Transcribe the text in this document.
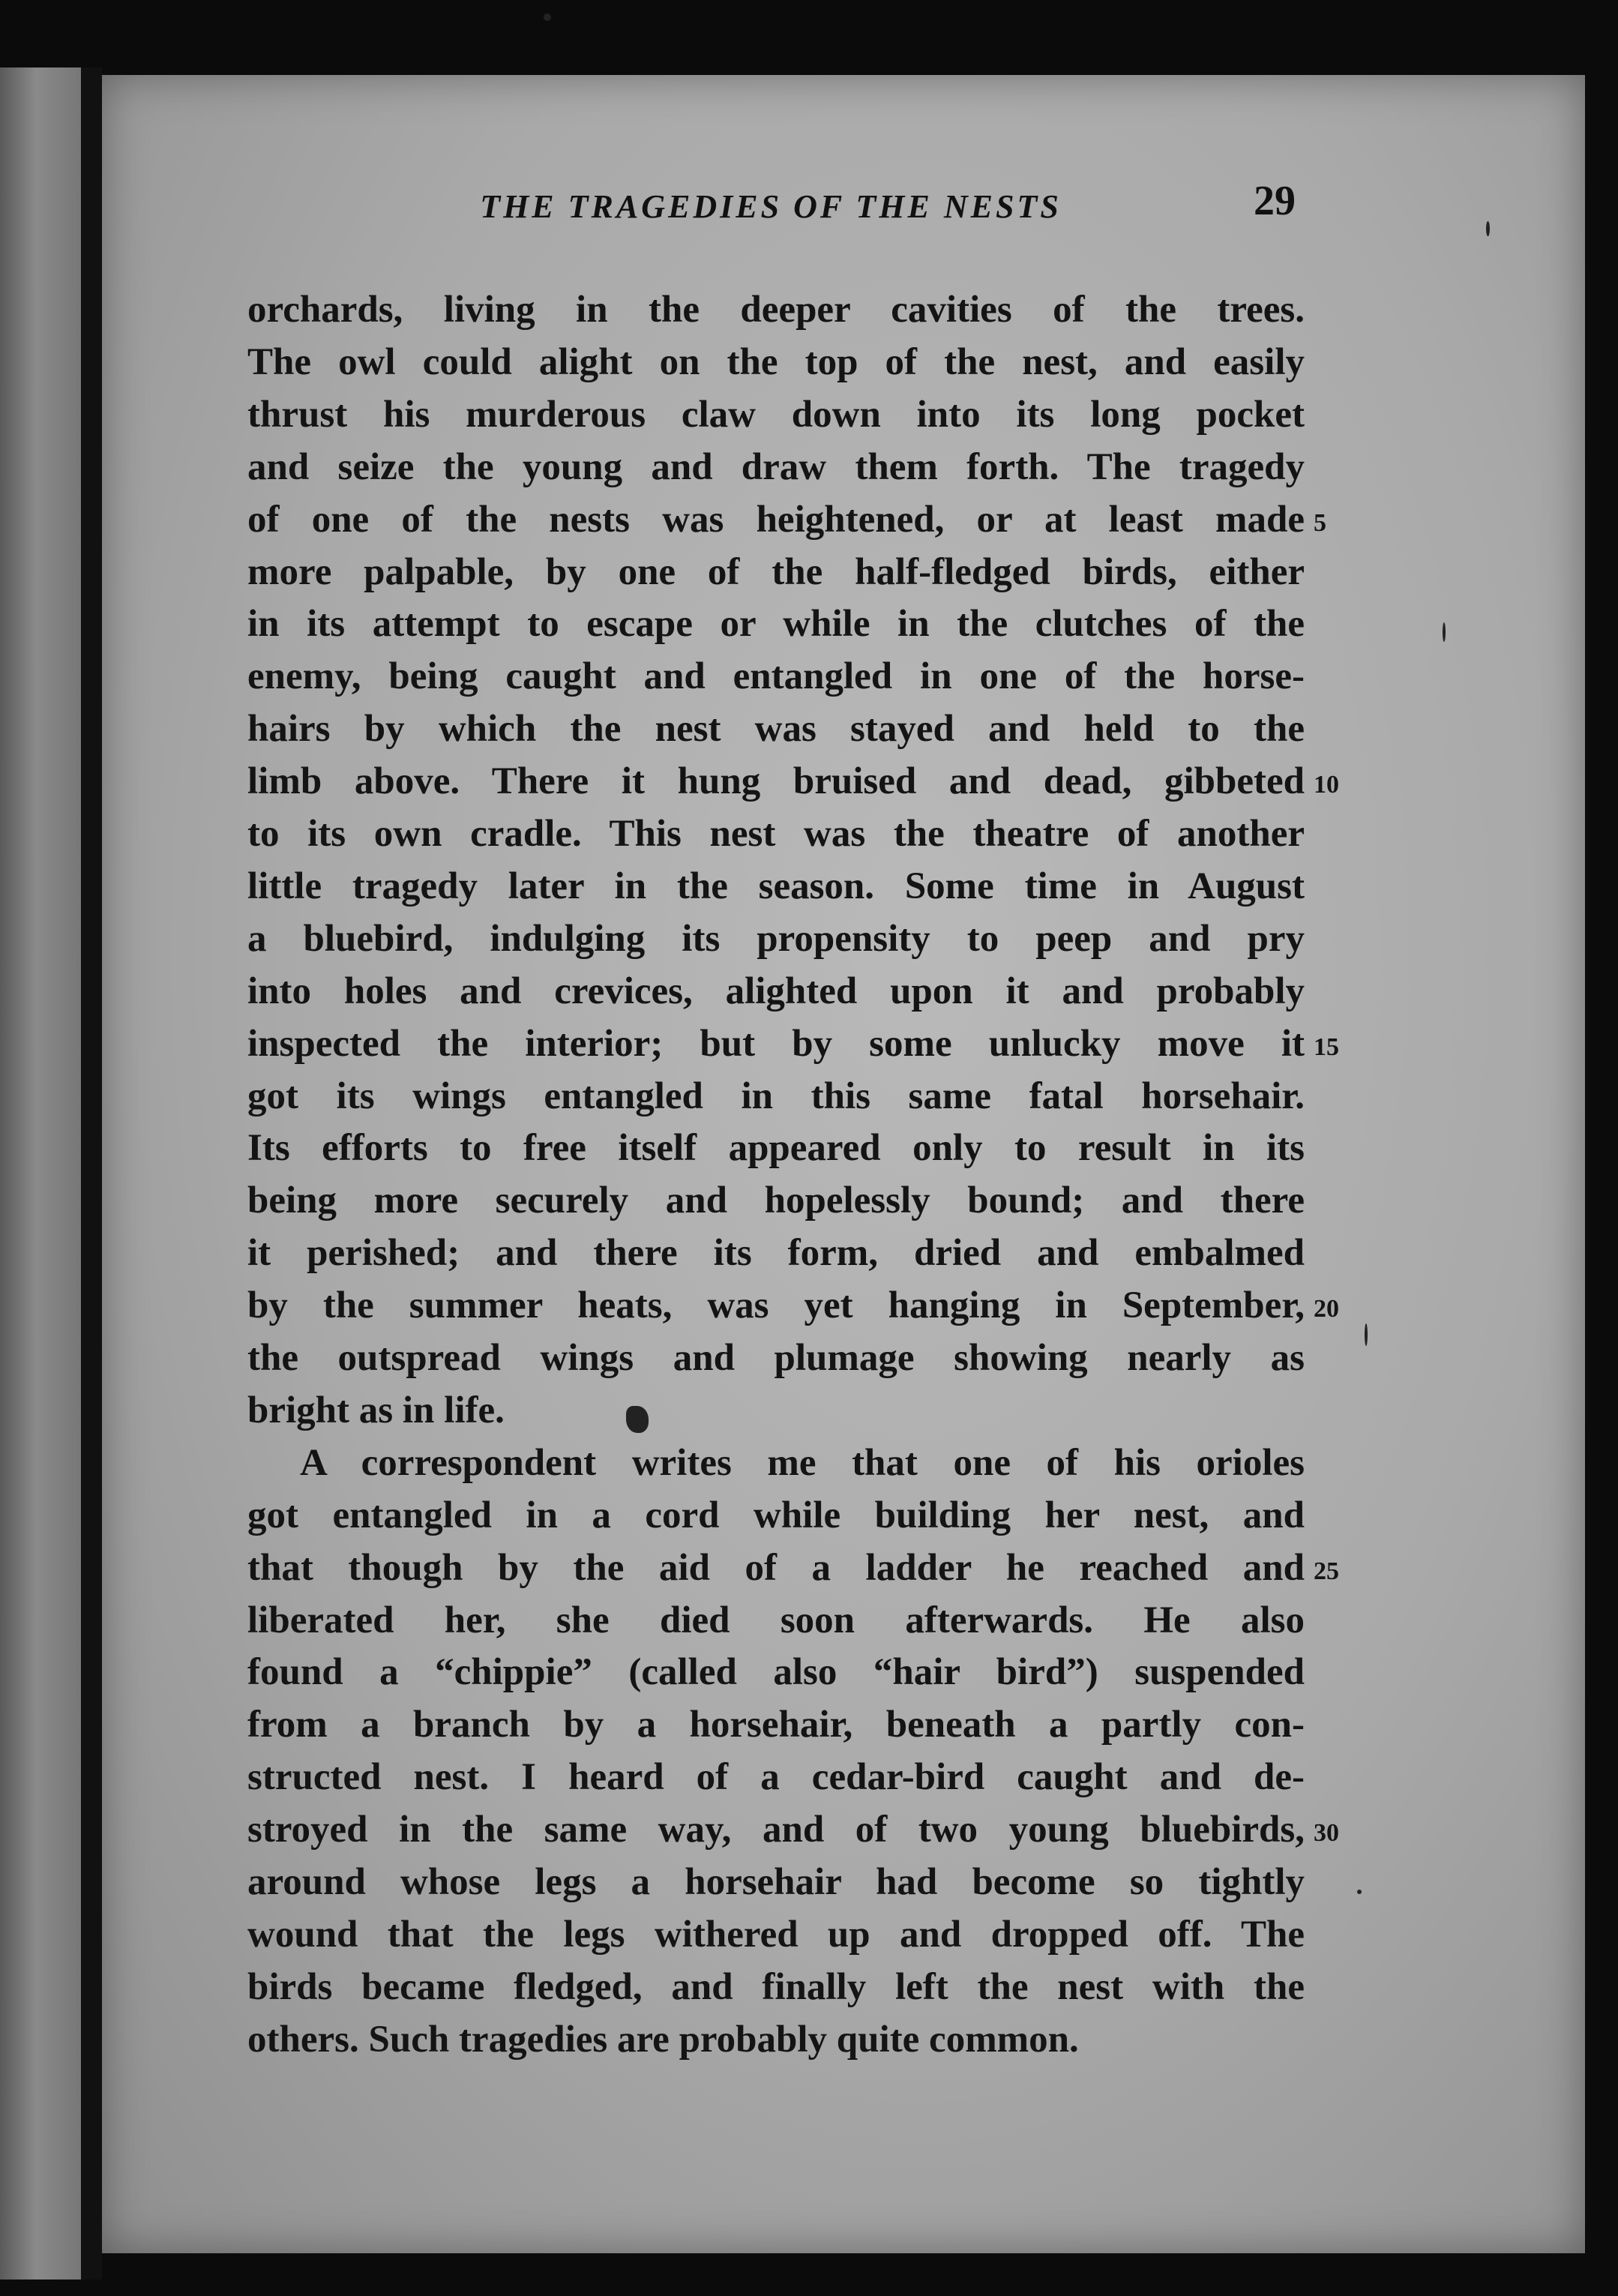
THE TRAGEDIES OF THE NESTS	29
orchards, living in the deeper cavities of the trees.
The owl could alight on the top of the nest, and easily
thrust his murderous claw down into its long pocket
and seize the young and draw them forth. The tragedy
of one of the nests was heightened, or at least made 5
more palpable, by one of the half-fledged birds, either
in its attempt to escape or while in the clutches of the
enemy, being caught and entangled in one of the horse-
hairs by which the nest was stayed and held to the
limb above. There it hung bruised and dead, gibbeted 10
to its own cradle. This nest was the theatre of another
little tragedy later in the season. Some time in August
a bluebird, indulging its propensity to peep and pry
into holes and crevices, alighted upon it and probably
inspected the interior; but by some unlucky move it 15
got its wings entangled in this same fatal horsehair.
Its efforts to free itself appeared only to result in its
being more securely and hopelessly bound; and there
it perished; and there its form, dried and embalmed
by the summer heats, was yet hanging in September, 20
the outspread wings and plumage showing nearly as
bright as in life.
A correspondent writes me that one of his orioles
got entangled in a cord while building her nest, and
that though by the aid of a ladder he reached and 25
liberated her, she died soon afterwards. He also
found a “chippie” (called also “hair bird”) suspended
from a branch by a horsehair, beneath a partly con-
structed nest. I heard of a cedar-bird caught and de-
stroyed in the same way, and of two young bluebirds, 30
around whose legs a horsehair had become so tightly
wound that the legs withered up and dropped off. The
birds became fledged, and finally left the nest with the
others. Such tragedies are probably quite common.
